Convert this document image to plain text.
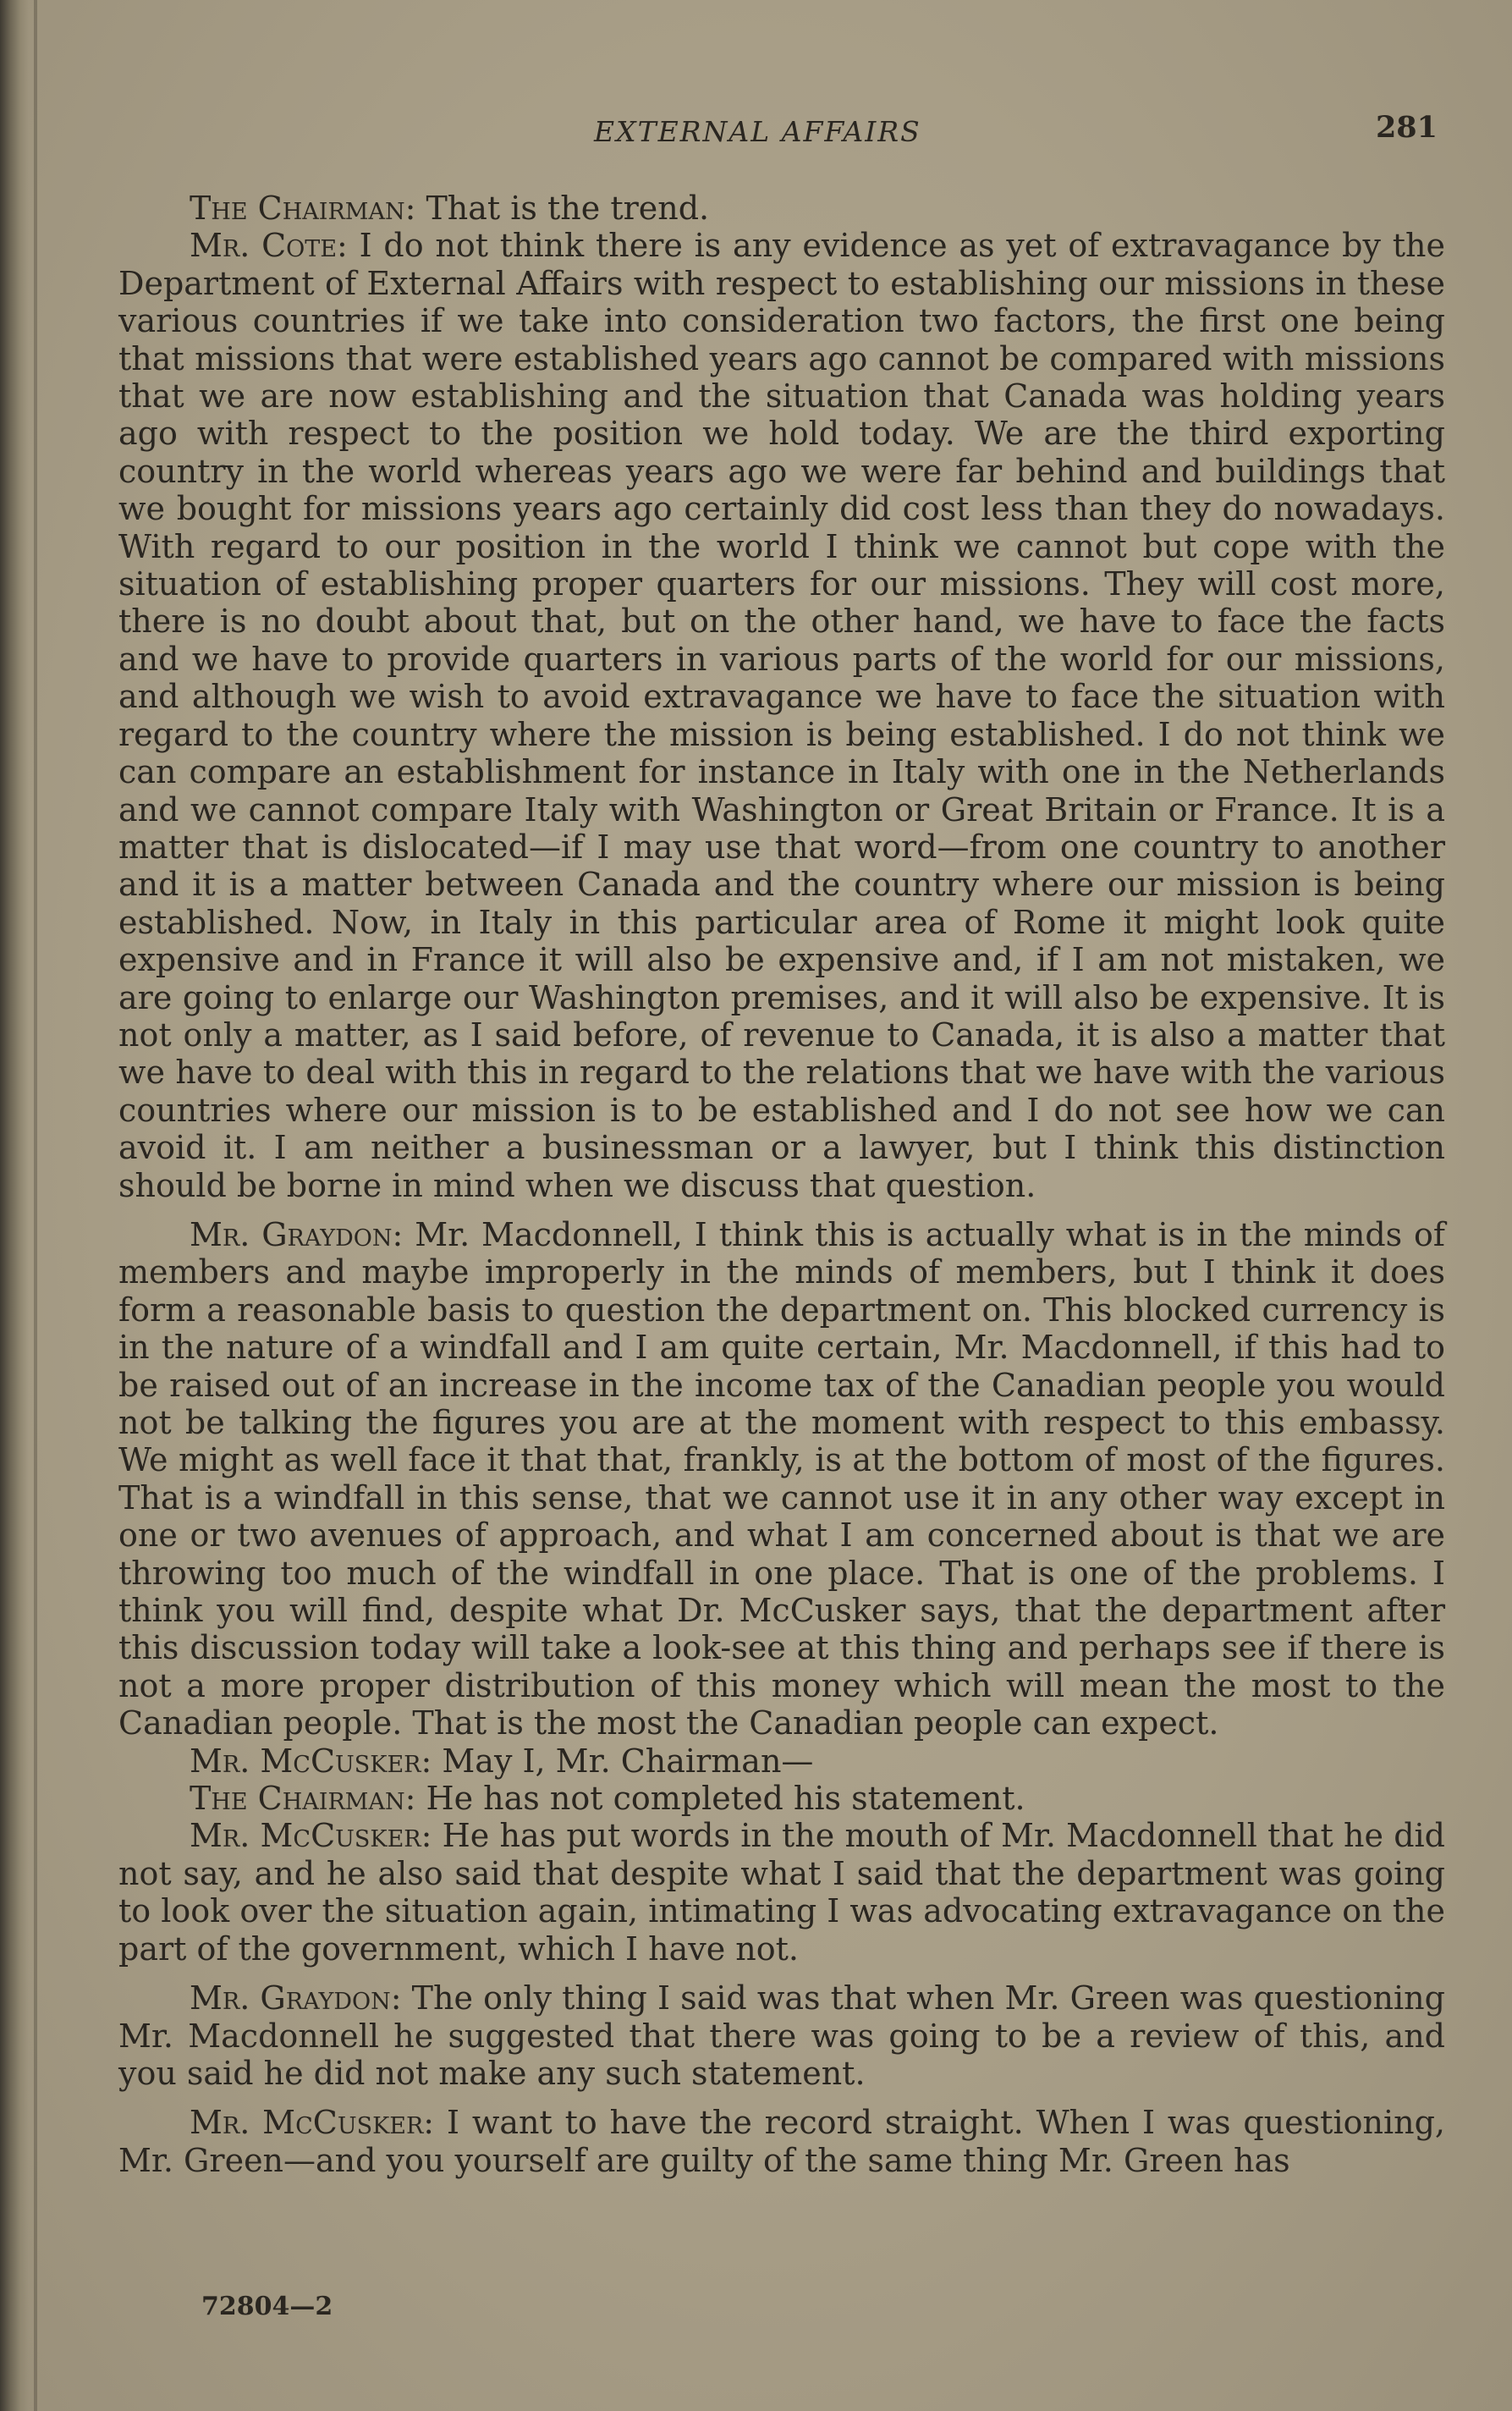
EXTERNAL AFFAIRS	281

The Chairman: That is the trend.

Mr. Cote: I do not think there is any evidence as yet of extravagance by the Department of External Affairs with respect to establishing our missions in these various countries if we take into consideration two factors, the first one being that missions that were established years ago cannot be compared with missions that we are now establishing and the situation that Canada was holding years ago with respect to the position we hold today. We are the third exporting country in the world whereas years ago we were far behind and buildings that we bought for missions years ago certainly did cost less than they do nowadays. With regard to our position in the world I think we cannot but cope with the situation of establishing proper quarters for our missions. They will cost more, there is no doubt about that, but on the other hand, we have to face the facts and we have to provide quarters in various parts of the world for our missions, and although we wish to avoid extravagance we have to face the situation with regard to the country where the mission is being established. I do not think we can compare an establishment for instance in Italy with one in the Netherlands and we cannot compare Italy with Washington or Great Britain or France. It is a matter that is dislocated—if I may use that word—from one country to another and it is a matter between Canada and the country where our mission is being established. Now, in Italy in this particular area of Rome it might look quite expensive and in France it will also be expensive and, if I am not mistaken, we are going to enlarge our Washington premises, and it will also be expensive. It is not only a matter, as I said before, of revenue to Canada, it is also a matter that we have to deal with this in regard to the relations that we have with the various countries where our mission is to be established and I do not see how we can avoid it. I am neither a businessman or a lawyer, but I think this distinction should be borne in mind when we discuss that question.

Mr. Graydon: Mr. Macdonnell, I think this is actually what is in the minds of members and maybe improperly in the minds of members, but I think it does form a reasonable basis to question the department on. This blocked currency is in the nature of a windfall and I am quite certain, Mr. Macdonnell, if this had to be raised out of an increase in the income tax of the Canadian people you would not be talking the figures you are at the moment with respect to this embassy. We might as well face it that that, frankly, is at the bottom of most of the figures. That is a windfall in this sense, that we cannot use it in any other way except in one or two avenues of approach, and what I am concerned about is that we are throwing too much of the windfall in one place. That is one of the problems. I think you will find, despite what Dr. McCusker says, that the department after this discussion today will take a look-see at this thing and perhaps see if there is not a more proper distribution of this money which will mean the most to the Canadian people. That is the most the Canadian people can expect.

Mr. McCusker: May I, Mr. Chairman—

The Chairman: He has not completed his statement.

Mr. McCusker: He has put words in the mouth of Mr. Macdonnell that he did not say, and he also said that despite what I said that the department was going to look over the situation again, intimating I was advocating extravagance on the part of the government, which I have not.

Mr. Graydon: The only thing I said was that when Mr. Green was questioning Mr. Macdonnell he suggested that there was going to be a review of this, and you said he did not make any such statement.

Mr. McCusker: I want to have the record straight. When I was questioning, Mr. Green—and you yourself are guilty of the same thing Mr. Green has

72804—2
